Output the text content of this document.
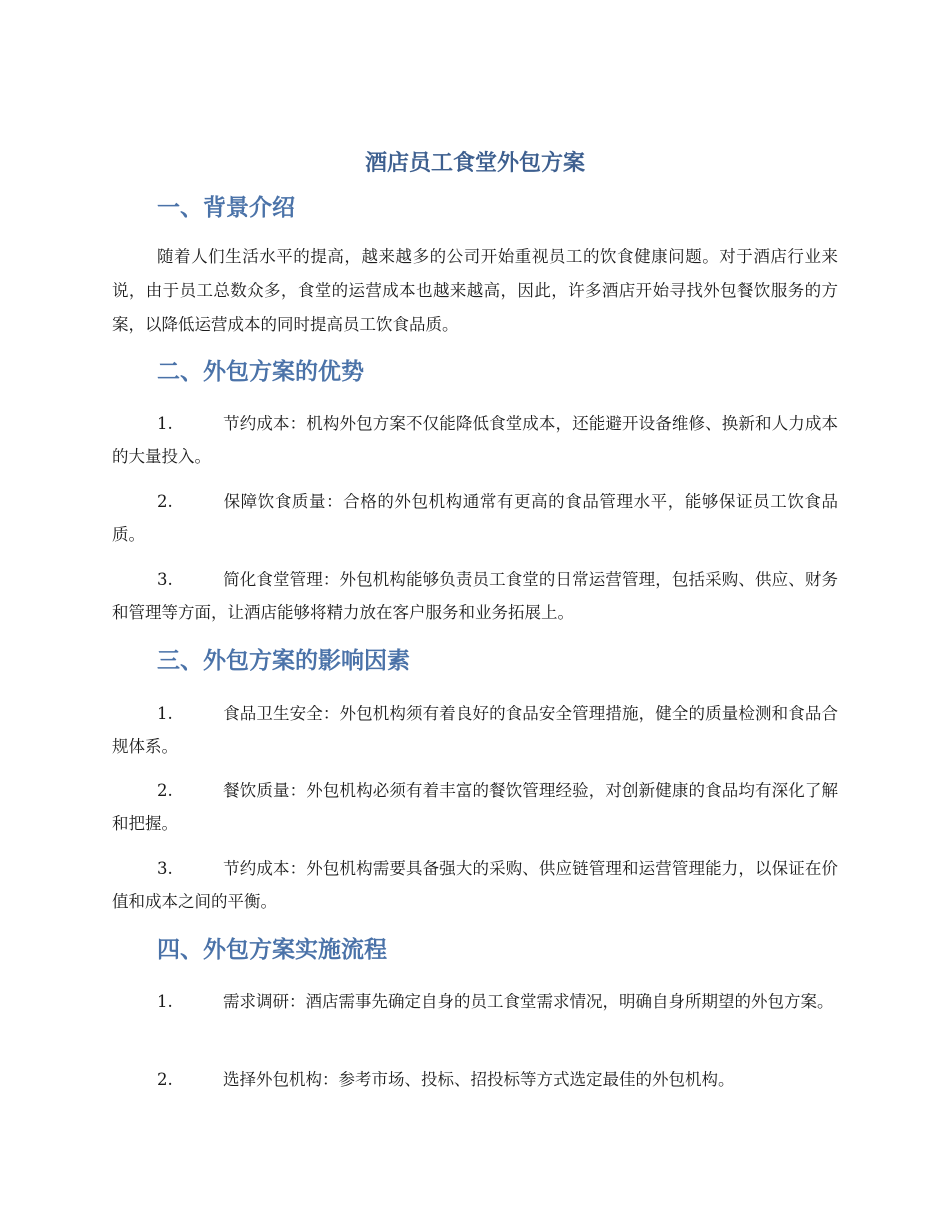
酒店员工食堂外包方案
一、背景介绍

随着人们生活水平的提高，越来越多的公司开始重视员工的饮食健康问题。对于酒店行业来说，由于员工总数众多，食堂的运营成本也越来越高，因此，许多酒店开始寻找外包餐饮服务的方案，以降低运营成本的同时提高员工饮食品质。

二、外包方案的优势

1.	节约成本：机构外包方案不仅能降低食堂成本，还能避开设备维修、换新和人力成本的大量投入。

2.	保障饮食质量：合格的外包机构通常有更高的食品管理水平，能够保证员工饮食品质。

3.	简化食堂管理：外包机构能够负责员工食堂的日常运营管理，包括采购、供应、财务和管理等方面，让酒店能够将精力放在客户服务和业务拓展上。

三、外包方案的影响因素

1.	食品卫生安全：外包机构须有着良好的食品安全管理措施，健全的质量检测和食品合规体系。

2.	餐饮质量：外包机构必须有着丰富的餐饮管理经验，对创新健康的食品均有深化了解和把握。

3.	节约成本：外包机构需要具备强大的采购、供应链管理和运营管理能力，以保证在价值和成本之间的平衡。

四、外包方案实施流程

1.	需求调研：酒店需事先确定自身的员工食堂需求情况，明确自身所期望的外包方案。

2.	选择外包机构：参考市场、投标、招投标等方式选定最佳的外包机构。
